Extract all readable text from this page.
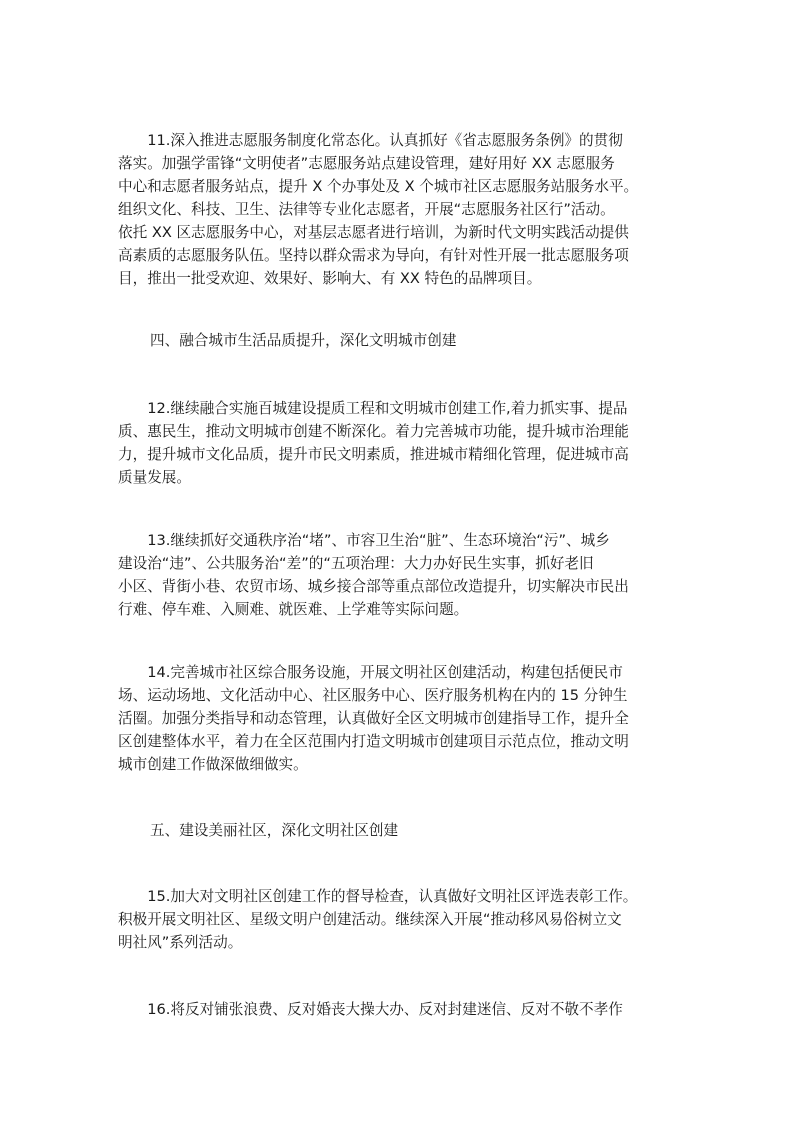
　　11.深入推进志愿服务制度化常态化。认真抓好《省志愿服务条例》的贯彻
落实。加强学雷锋“文明使者”志愿服务站点建设管理，建好用好 XX 志愿服务
中心和志愿者服务站点，提升 X 个办事处及 X 个城市社区志愿服务站服务水平。
组织文化、科技、卫生、法律等专业化志愿者，开展“志愿服务社区行”活动。
依托 XX 区志愿服务中心，对基层志愿者进行培训，为新时代文明实践活动提供
高素质的志愿服务队伍。坚持以群众需求为导向，有针对性开展一批志愿服务项
目，推出一批受欢迎、效果好、影响大、有 XX 特色的品牌项目。

四、融合城市生活品质提升，深化文明城市创建

　　12.继续融合实施百城建设提质工程和文明城市创建工作,着力抓实事、提品
质、惠民生，推动文明城市创建不断深化。着力完善城市功能，提升城市治理能
力，提升城市文化品质，提升市民文明素质，推进城市精细化管理，促进城市高
质量发展。

　　13.继续抓好交通秩序治“堵”、市容卫生治“脏”、生态环境治“污”、城乡
建设治“违”、公共服务治“差”的“五项治理：大力办好民生实事，抓好老旧
小区、背街小巷、农贸市场、城乡接合部等重点部位改造提升，切实解决市民出
行难、停车难、入厕难、就医难、上学难等实际问题。

　　14.完善城市社区综合服务设施，开展文明社区创建活动，构建包括便民市
场、运动场地、文化活动中心、社区服务中心、医疗服务机构在内的 15 分钟生
活圈。加强分类指导和动态管理，认真做好全区文明城市创建指导工作，提升全
区创建整体水平，着力在全区范围内打造文明城市创建项目示范点位，推动文明
城市创建工作做深做细做实。

五、建设美丽社区，深化文明社区创建

　　15.加大对文明社区创建工作的督导检查，认真做好文明社区评选表彰工作。
积极开展文明社区、星级文明户创建活动。继续深入开展“推动移风易俗树立文
明社风”系列活动。

　　16.将反对铺张浪费、反对婚丧大操大办、反对封建迷信、反对不敬不孝作
